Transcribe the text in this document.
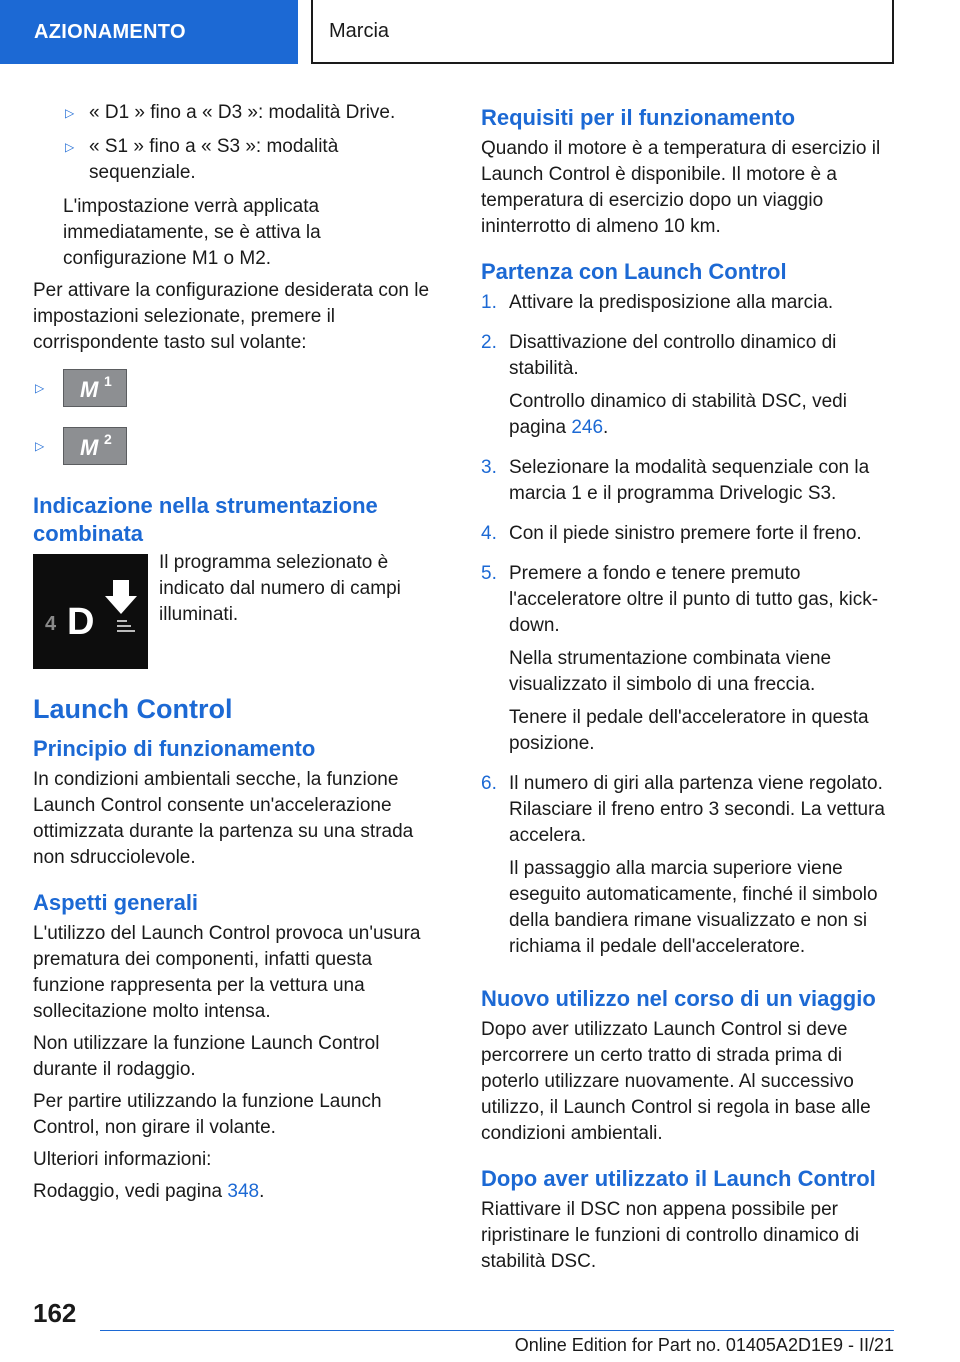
AZIONAMENTO	Marcia
▷ « D1 » fino a « D3 »: modalità Drive.
▷ « S1 » fino a « S3 »: modalità sequenziale.

L'impostazione verrà applicata immediatamente, se è attiva la configurazione M1 o M2.

Per attivare la configurazione desiderata con le impostazioni selezionate, premere il corrispondente tasto sul volante:

▷	M 1
▷	M 2
Indicazione nella strumentazione combinata
4 D

Il programma selezionato è indicato dal numero di campi illuminati.

Launch Control
Principio di funzionamento

In condizioni ambientali secche, la funzione Launch Control consente un'accelerazione ottimizzata durante la partenza su una strada non sdrucciolevole.

Aspetti generali

L'utilizzo del Launch Control provoca un'usura prematura dei componenti, infatti questa funzione rappresenta per la vettura una sollecitazione molto intensa.

Non utilizzare la funzione Launch Control durante il rodaggio.

Per partire utilizzando la funzione Launch Control, non girare il volante.

Ulteriori informazioni:

Rodaggio, vedi pagina 348.

Requisiti per il funzionamento

Quando il motore è a temperatura di esercizio il Launch Control è disponibile. Il motore è a temperatura di esercizio dopo un viaggio ininterrotto di almeno 10 km.

Partenza con Launch Control
1. Attivare la predisposizione alla marcia.

2. Disattivazione del controllo dinamico di stabilità.

Controllo dinamico di stabilità DSC, vedi pagina 246.

3. Selezionare la modalità sequenziale con la marcia 1 e il programma Drivelogic S3.

4. Con il piede sinistro premere forte il freno.

5. Premere a fondo e tenere premuto l'acceleratore oltre il punto di tutto gas, kick-down.

Nella strumentazione combinata viene visualizzato il simbolo di una freccia.

Tenere il pedale dell'acceleratore in questa posizione.

6. Il numero di giri alla partenza viene regolato. Rilasciare il freno entro 3 secondi. La vettura accelera.

Il passaggio alla marcia superiore viene eseguito automaticamente, finché il simbolo della bandiera rimane visualizzato e non si richiama il pedale dell'acceleratore.

Nuovo utilizzo nel corso di un viaggio

Dopo aver utilizzato Launch Control si deve percorrere un certo tratto di strada prima di poterlo utilizzare nuovamente. Al successivo utilizzo, il Launch Control si regola in base alle condizioni ambientali.

Dopo aver utilizzato il Launch Control

Riattivare il DSC non appena possibile per ripristinare le funzioni di controllo dinamico di stabilità DSC.

162
Online Edition for Part no. 01405A2D1E9 - II/21
